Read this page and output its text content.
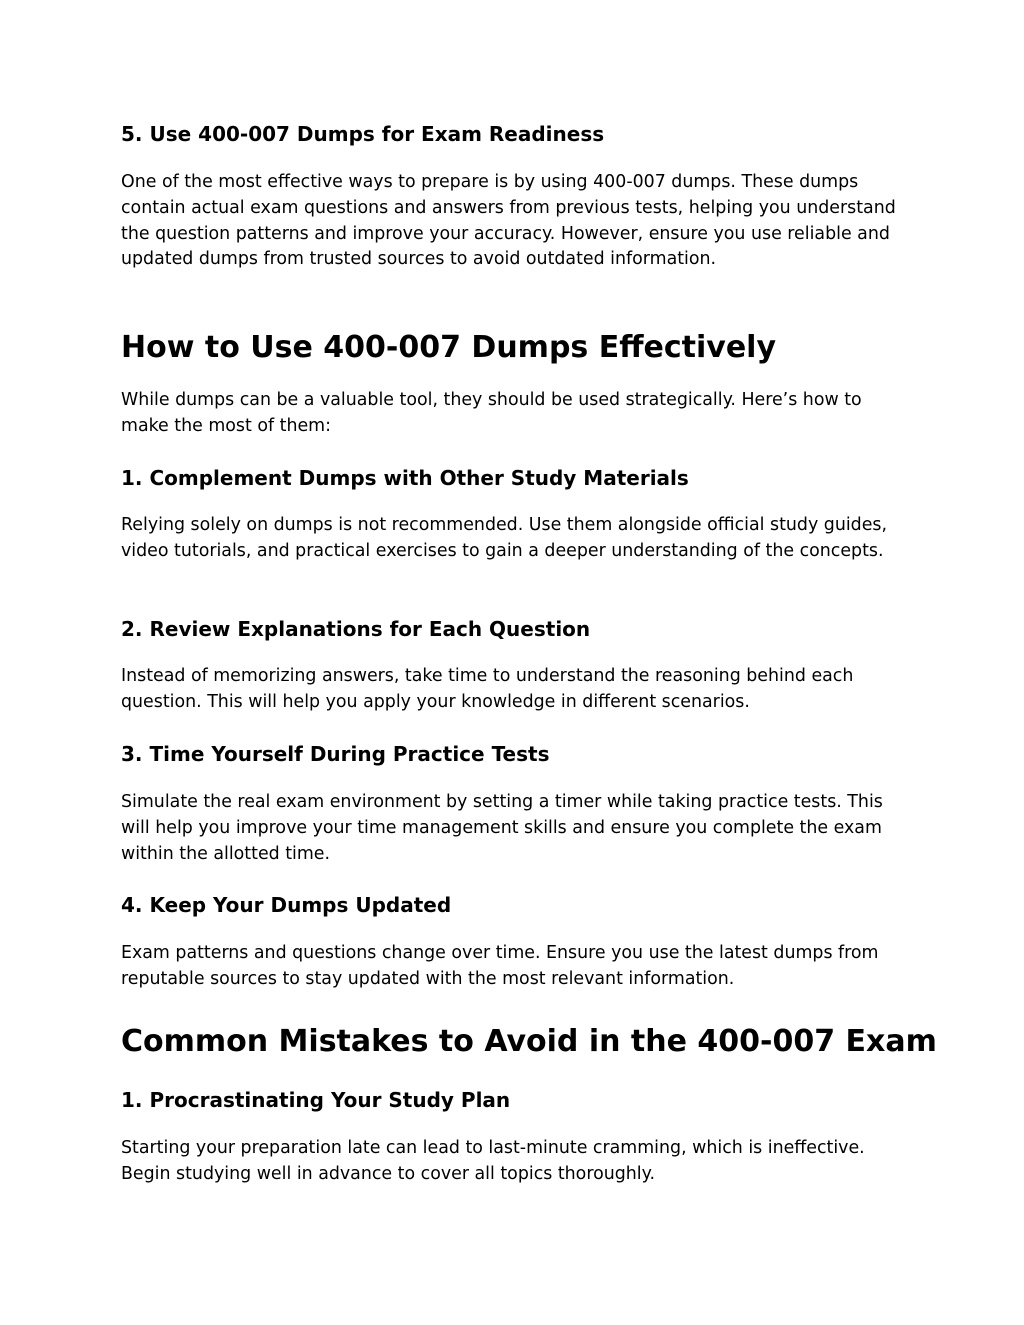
5. Use 400-007 Dumps for Exam Readiness

One of the most effective ways to prepare is by using 400-007 dumps. These dumps contain actual exam questions and answers from previous tests, helping you understand the question patterns and improve your accuracy. However, ensure you use reliable and updated dumps from trusted sources to avoid outdated information.

How to Use 400-007 Dumps Effectively

While dumps can be a valuable tool, they should be used strategically. Here’s how to make the most of them:

1. Complement Dumps with Other Study Materials

Relying solely on dumps is not recommended. Use them alongside official study guides, video tutorials, and practical exercises to gain a deeper understanding of the concepts.

2. Review Explanations for Each Question

Instead of memorizing answers, take time to understand the reasoning behind each question. This will help you apply your knowledge in different scenarios.

3. Time Yourself During Practice Tests

Simulate the real exam environment by setting a timer while taking practice tests. This will help you improve your time management skills and ensure you complete the exam within the allotted time.

4. Keep Your Dumps Updated

Exam patterns and questions change over time. Ensure you use the latest dumps from reputable sources to stay updated with the most relevant information.

Common Mistakes to Avoid in the 400-007 Exam
1. Procrastinating Your Study Plan

Starting your preparation late can lead to last-minute cramming, which is ineffective. Begin studying well in advance to cover all topics thoroughly.
